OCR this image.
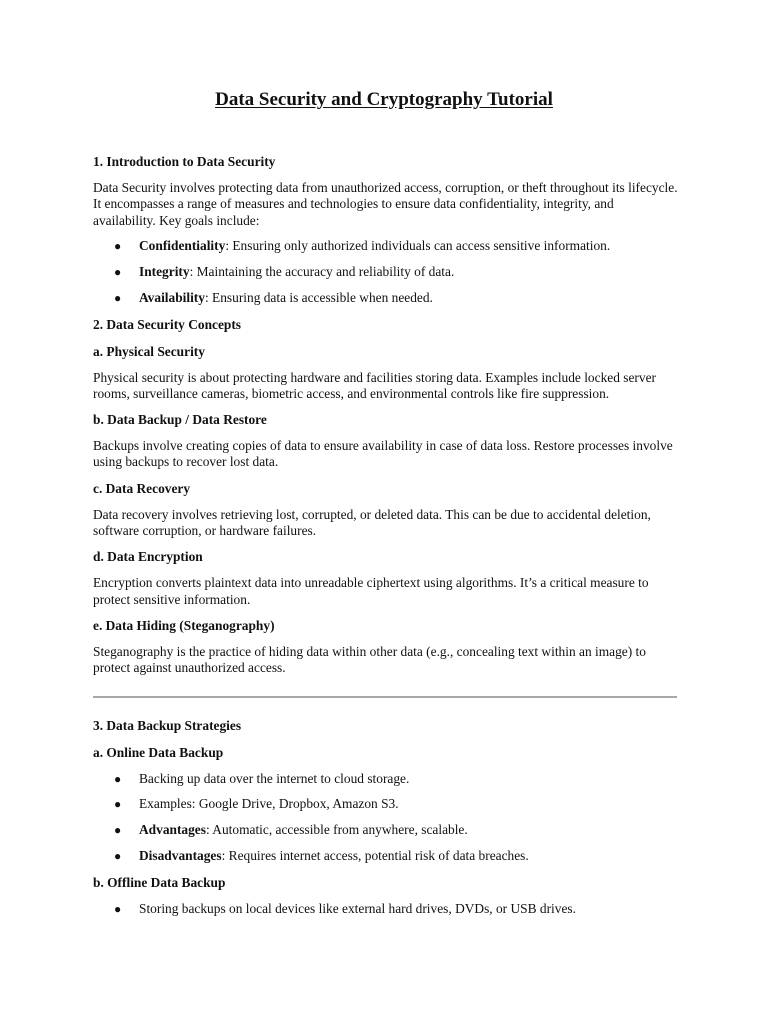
Data Security and Cryptography Tutorial
1. Introduction to Data Security
Data Security involves protecting data from unauthorized access, corruption, or theft throughout its lifecycle. It encompasses a range of measures and technologies to ensure data confidentiality, integrity, and availability. Key goals include:
● Confidentiality: Ensuring only authorized individuals can access sensitive information.
● Integrity: Maintaining the accuracy and reliability of data.
● Availability: Ensuring data is accessible when needed.
2. Data Security Concepts
a. Physical Security
Physical security is about protecting hardware and facilities storing data. Examples include locked server rooms, surveillance cameras, biometric access, and environmental controls like fire suppression.
b. Data Backup / Data Restore
Backups involve creating copies of data to ensure availability in case of data loss. Restore processes involve using backups to recover lost data.
c. Data Recovery
Data recovery involves retrieving lost, corrupted, or deleted data. This can be due to accidental deletion, software corruption, or hardware failures.
d. Data Encryption
Encryption converts plaintext data into unreadable ciphertext using algorithms. It’s a critical measure to protect sensitive information.
e. Data Hiding (Steganography)
Steganography is the practice of hiding data within other data (e.g., concealing text within an image) to protect against unauthorized access.
3. Data Backup Strategies
a. Online Data Backup
● Backing up data over the internet to cloud storage.
● Examples: Google Drive, Dropbox, Amazon S3.
● Advantages: Automatic, accessible from anywhere, scalable.
● Disadvantages: Requires internet access, potential risk of data breaches.
b. Offline Data Backup
● Storing backups on local devices like external hard drives, DVDs, or USB drives.
